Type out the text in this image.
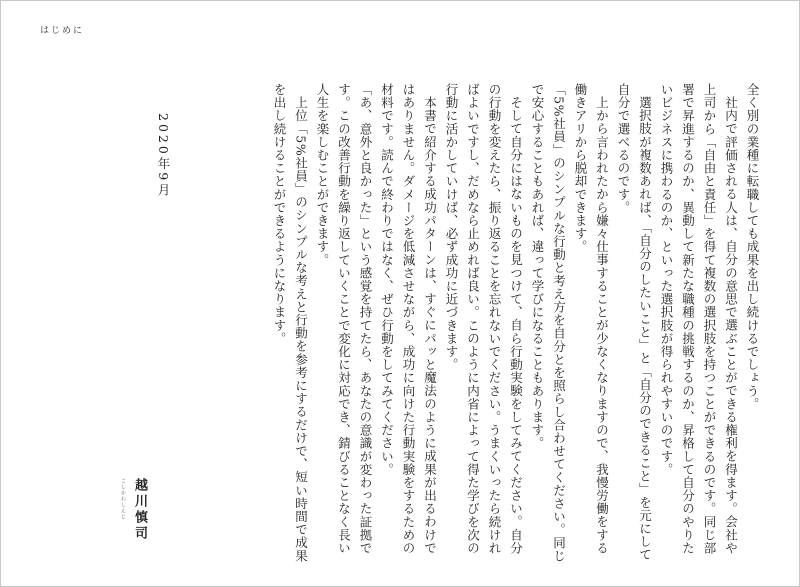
はじめに

全く別の業種に転職しても成果を出し続けるでしょう。

社内で評価される人は、自分の意思で選ぶことができる権利を得ます。会社や上司から「自由と責任」を得て複数の選択肢を持つことができるのです。同じ部署で昇進するのか、異動して新たな職種の挑戦するのか、昇格して自分のやりたいビジネスに携わるのか、といった選択肢が得られやすいのです。

選択肢が複数あれば、「自分のしたいこと」と「自分のできること」を元にして自分で選べるのです。

上から言われたから嫌々仕事することが少なくなりますので、我慢労働をする働きアリから脱却できます。

「5%社員」のシンプルな行動と考え方を自分とを照らし合わせてください。同じで安心することもあれば、違って学びになることもあります。

そして自分にはないものを見つけて、自ら行動実験をしてみてください。自分の行動を変えたら、振り返ることを忘れないでください。うまくいったら続ければよいですし、だめなら止めれば良い。このように内省によって得た学びを次の行動に活かしていけば、必ず成功に近づきます。

本書で紹介する成功パターンは、すぐにパッと魔法のように成果が出るわけではありません。ダメージを低減させながら、成功に向けた行動実験をするための材料です。読んで終わりではなく、ぜひ行動をしてみてください。

「あ、意外と良かった」という感覚を持てたら、あなたの意識が変わった証拠です。この改善行動を繰り返していくことで変化に対応でき、錆びることなく長い人生を楽しむことができます。

上位「5%社員」のシンプルな考えと行動を参考にするだけで、短い時間で成果を出し続けることができるようになります。

2020年9月
越川慎司
こしかわしんじ
